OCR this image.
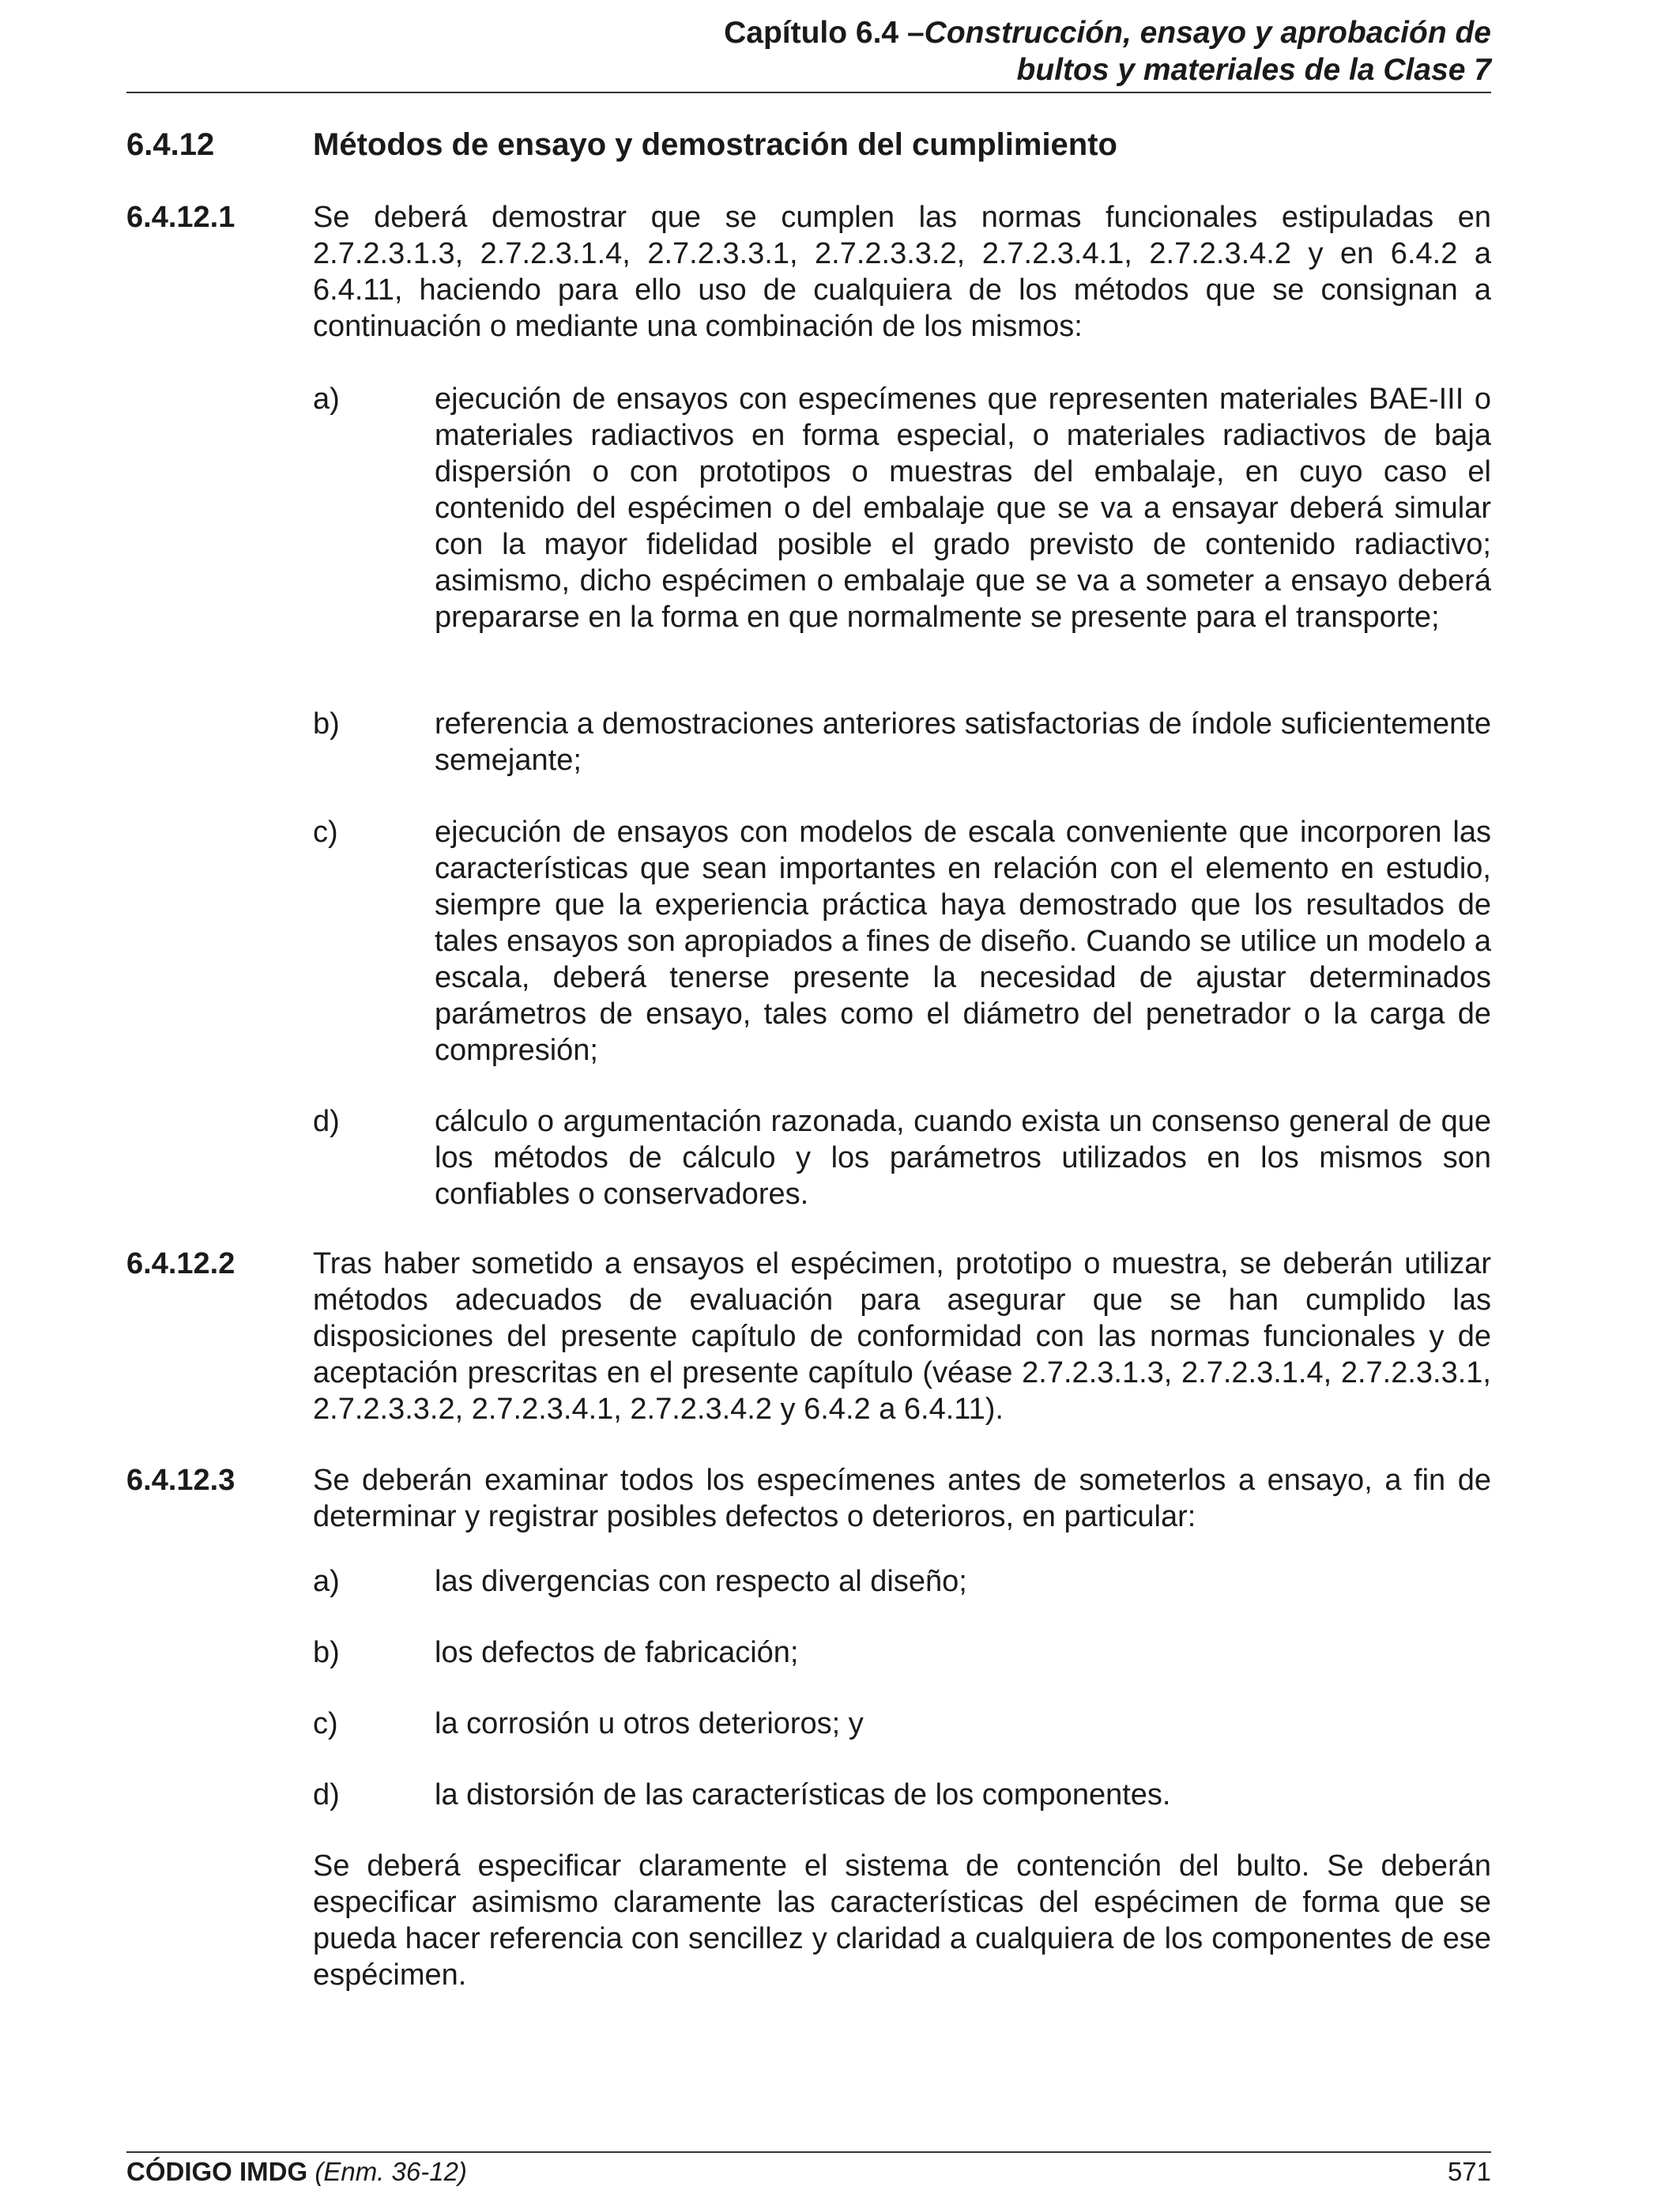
Capítulo 6.4 –Construcción, ensayo y aprobación de
bultos y materiales de la Clase 7
6.4.12	Métodos de ensayo y demostración del cumplimiento
6.4.12.1	Se deberá demostrar que se cumplen las normas funcionales estipuladas en 2.7.2.3.1.3, 2.7.2.3.1.4, 2.7.2.3.3.1, 2.7.2.3.3.2, 2.7.2.3.4.1, 2.7.2.3.4.2 y en 6.4.2 a 6.4.11, haciendo para ello uso de cualquiera de los métodos que se consignan a continuación o mediante una combinación de los mismos:
a)	ejecución de ensayos con especímenes que representen materiales BAE-III o materiales radiactivos en forma especial, o materiales radiactivos de baja dispersión o con prototipos o muestras del embalaje, en cuyo caso el contenido del espécimen o del embalaje que se va a ensayar deberá simular con la mayor fidelidad posible el grado previsto de contenido radiactivo; asimismo, dicho espécimen o embalaje que se va a someter a ensayo deberá prepararse en la forma en que normalmente se presente para el transporte;
b)	referencia a demostraciones anteriores satisfactorias de índole suficientemente semejante;
c)	ejecución de ensayos con modelos de escala conveniente que incorporen las características que sean importantes en relación con el elemento en estudio, siempre que la experiencia práctica haya demostrado que los resultados de tales ensayos son apropiados a fines de diseño. Cuando se utilice un modelo a escala, deberá tenerse presente la necesidad de ajustar determinados parámetros de ensayo, tales como el diámetro del penetrador o la carga de compresión;
d)	cálculo o argumentación razonada, cuando exista un consenso general de que los métodos de cálculo y los parámetros utilizados en los mismos son confiables o conservadores.
6.4.12.2	Tras haber sometido a ensayos el espécimen, prototipo o muestra, se deberán utilizar métodos adecuados de evaluación para asegurar que se han cumplido las disposiciones del presente capítulo de conformidad con las normas funcionales y de aceptación prescritas en el presente capítulo (véase 2.7.2.3.1.3, 2.7.2.3.1.4, 2.7.2.3.3.1, 2.7.2.3.3.2, 2.7.2.3.4.1, 2.7.2.3.4.2 y 6.4.2 a 6.4.11).
6.4.12.3	Se deberán examinar todos los especímenes antes de someterlos a ensayo, a fin de determinar y registrar posibles defectos o deterioros, en particular:
a)	las divergencias con respecto al diseño;
b)	los defectos de fabricación;
c)	la corrosión u otros deterioros; y
d)	la distorsión de las características de los componentes.
Se deberá especificar claramente el sistema de contención del bulto. Se deberán especificar asimismo claramente las características del espécimen de forma que se pueda hacer referencia con sencillez y claridad a cualquiera de los componentes de ese espécimen.
CÓDIGO IMDG (Enm. 36-12)	571
